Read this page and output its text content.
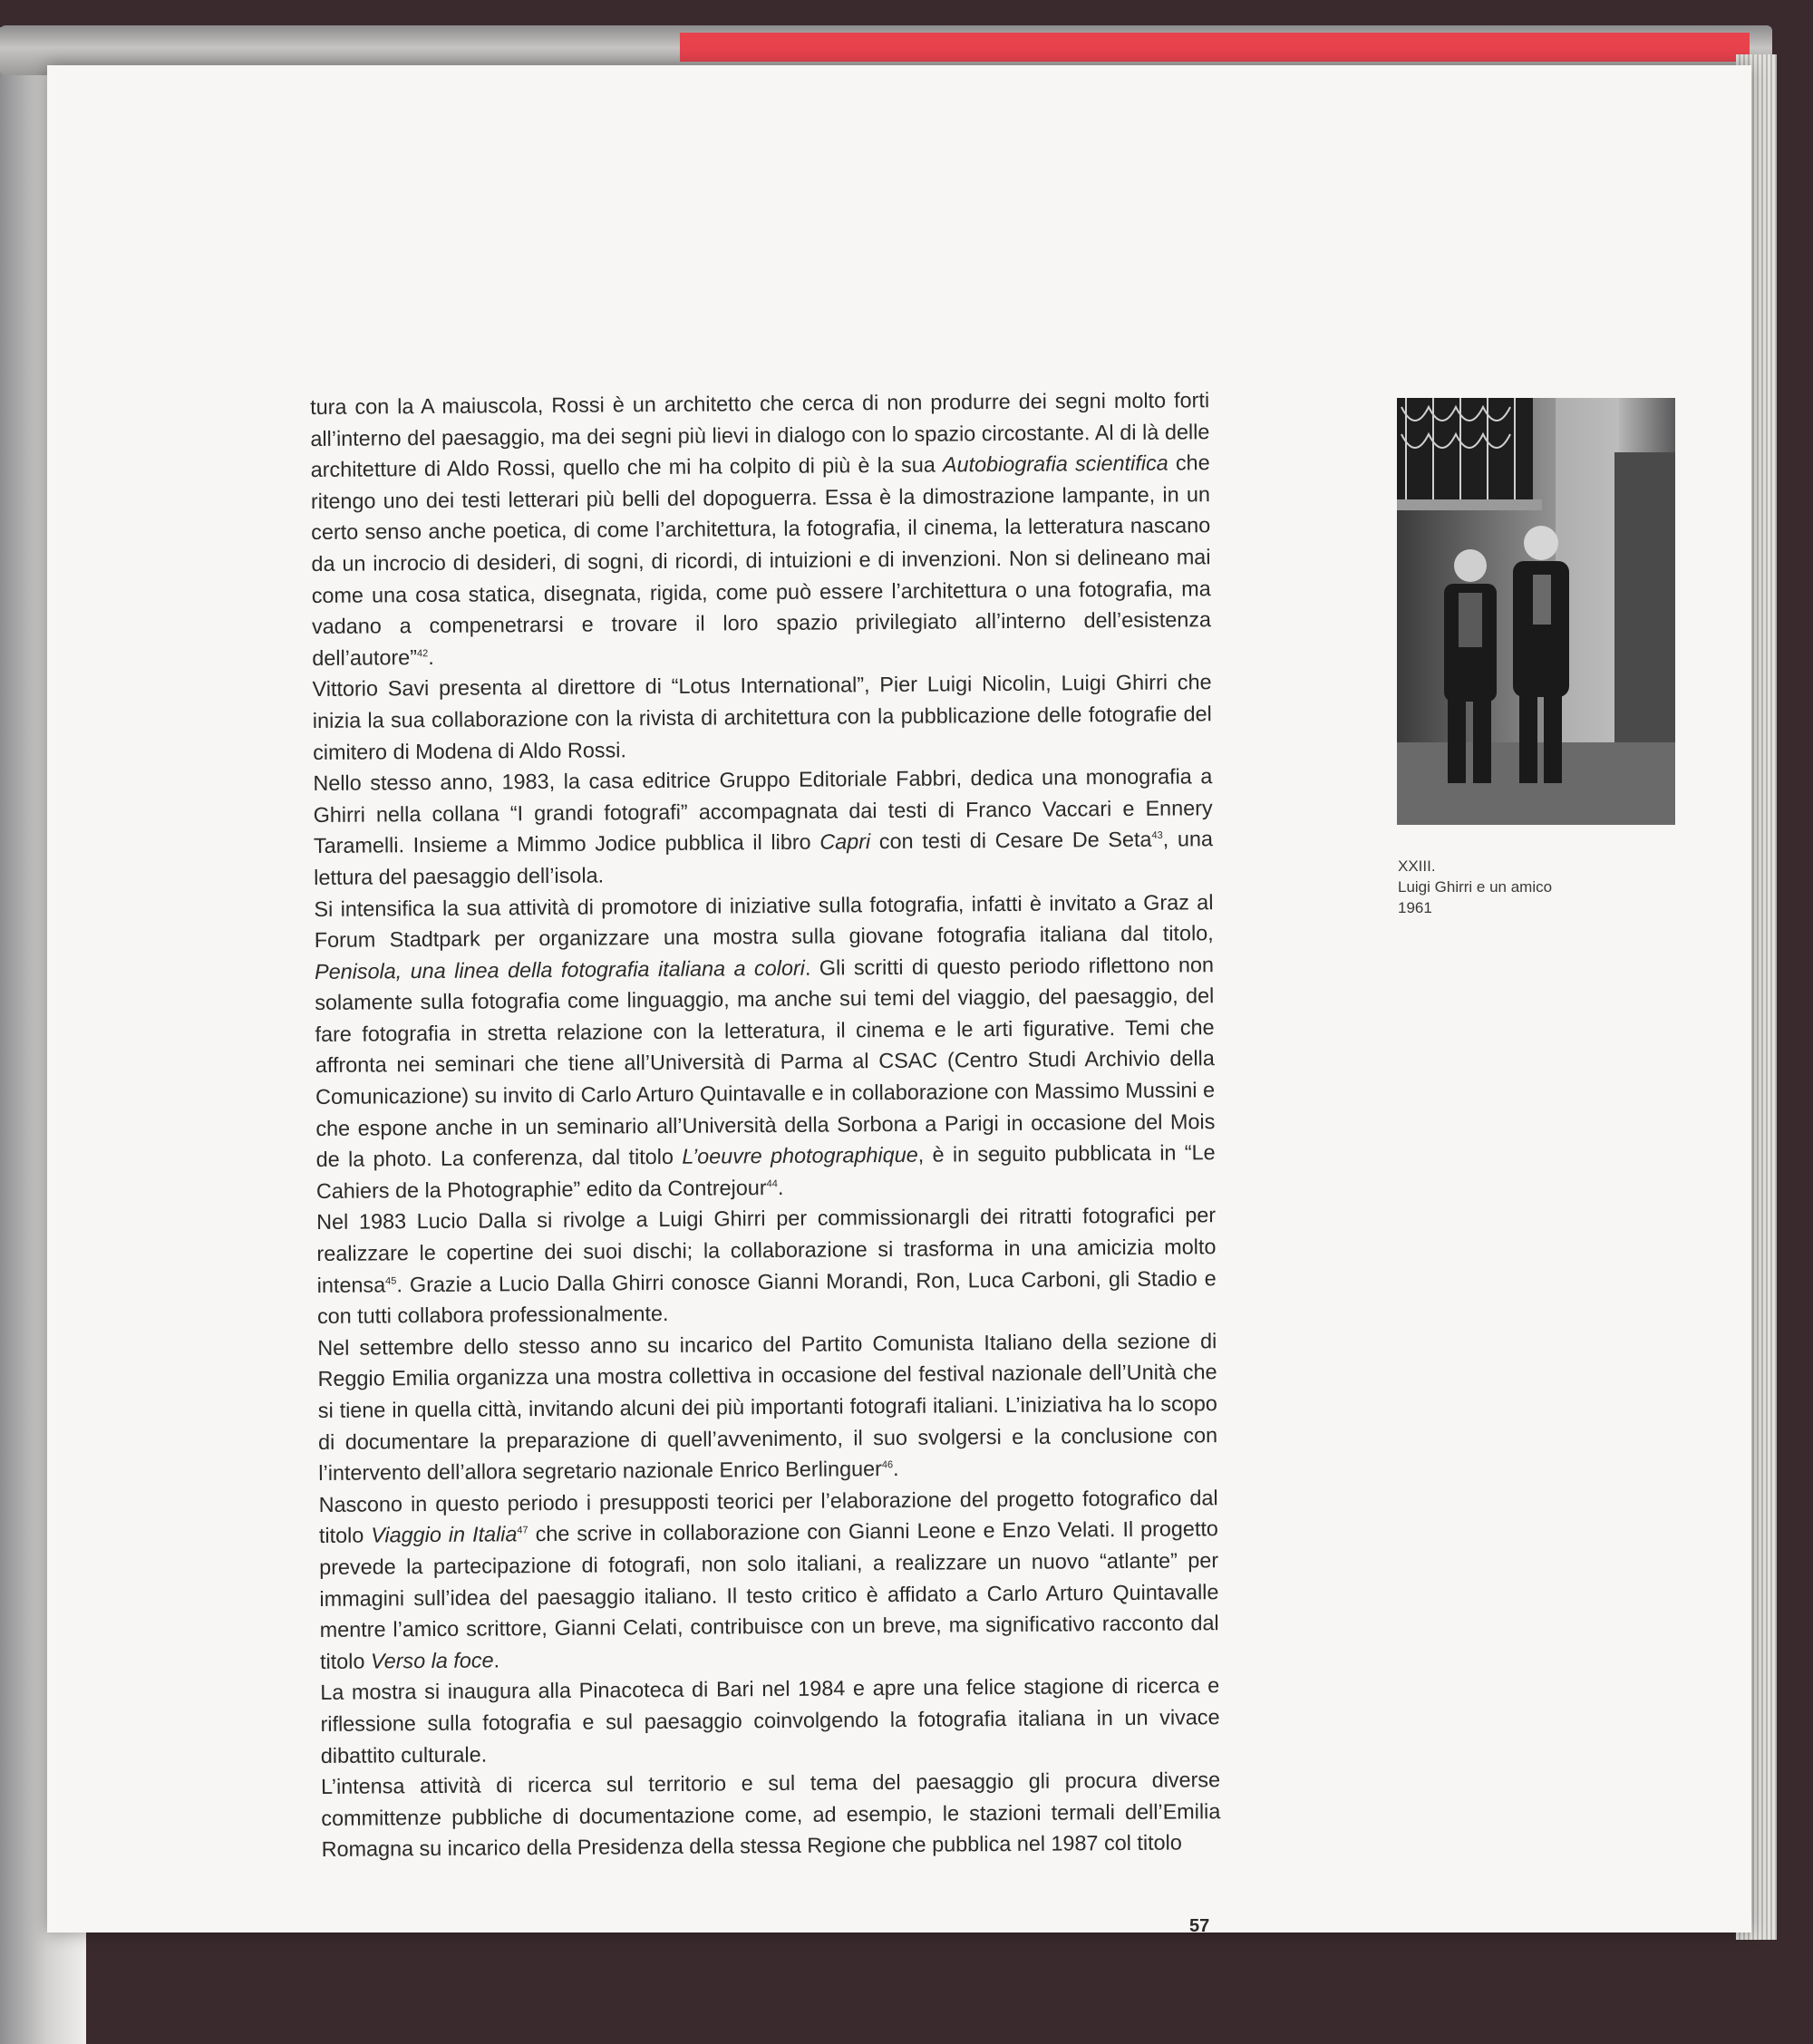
tura con la A maiuscola, Rossi è un architetto che cerca di non produrre dei segni molto forti all’interno del paesaggio, ma dei segni più lievi in dialogo con lo spazio circostante. Al di là delle architetture di Aldo Rossi, quello che mi ha colpito di più è la sua Autobiografia scientifica che ritengo uno dei testi letterari più belli del dopoguerra. Essa è la dimostrazione lampante, in un certo senso anche poetica, di come l’architettura, la fotografia, il cinema, la letteratura nascano da un incrocio di desideri, di sogni, di ricordi, di intuizioni e di invenzioni. Non si delineano mai come una cosa statica, disegnata, rigida, come può essere l’architettura o una fotografia, ma vadano a compenetrarsi e trovare il loro spazio privilegiato all’interno dell’esistenza dell’autore”$^{42}$.

Vittorio Savi presenta al direttore di “Lotus International”, Pier Luigi Nicolin, Luigi Ghirri che inizia la sua collaborazione con la rivista di architettura con la pubblicazione delle fotografie del cimitero di Modena di Aldo Rossi.

Nello stesso anno, 1983, la casa editrice Gruppo Editoriale Fabbri, dedica una monografia a Ghirri nella collana “I grandi fotografi” accompagnata dai testi di Franco Vaccari e Ennery Taramelli. Insieme a Mimmo Jodice pubblica il libro Capri con testi di Cesare De Seta$^{43}$, una lettura del paesaggio dell’isola.

Si intensifica la sua attività di promotore di iniziative sulla fotografia, infatti è invitato a Graz al Forum Stadtpark per organizzare una mostra sulla giovane fotografia italiana dal titolo, Penisola, una linea della fotografia italiana a colori. Gli scritti di questo periodo riflettono non solamente sulla fotografia come linguaggio, ma anche sui temi del viaggio, del paesaggio, del fare fotografia in stretta relazione con la letteratura, il cinema e le arti figurative. Temi che affronta nei seminari che tiene all’Università di Parma al CSAC (Centro Studi Archivio della Comunicazione) su invito di Carlo Arturo Quintavalle e in collaborazione con Massimo Mussini e che espone anche in un seminario all’Università della Sorbona a Parigi in occasione del Mois de la photo. La conferenza, dal titolo L’oeuvre photographique, è in seguito pubblicata in “Le Cahiers de la Photographie” edito da Contrejour$^{44}$.

Nel 1983 Lucio Dalla si rivolge a Luigi Ghirri per commissionargli dei ritratti fotografici per realizzare le copertine dei suoi dischi; la collaborazione si trasforma in una amicizia molto intensa$^{45}$. Grazie a Lucio Dalla Ghirri conosce Gianni Morandi, Ron, Luca Carboni, gli Stadio e con tutti collabora professionalmente.

Nel settembre dello stesso anno su incarico del Partito Comunista Italiano della sezione di Reggio Emilia organizza una mostra collettiva in occasione del festival nazionale dell’Unità che si tiene in quella città, invitando alcuni dei più importanti fotografi italiani. L’iniziativa ha lo scopo di documentare la preparazione di quell’avvenimento, il suo svolgersi e la conclusione con l’intervento dell’allora segretario nazionale Enrico Berlinguer$^{46}$.

Nascono in questo periodo i presupposti teorici per l’elaborazione del progetto fotografico dal titolo Viaggio in Italia$^{47}$ che scrive in collaborazione con Gianni Leone e Enzo Velati. Il progetto prevede la partecipazione di fotografi, non solo italiani, a realizzare un nuovo “atlante” per immagini sull’idea del paesaggio italiano. Il testo critico è affidato a Carlo Arturo Quintavalle mentre l’amico scrittore, Gianni Celati, contribuisce con un breve, ma significativo racconto dal titolo Verso la foce.

La mostra si inaugura alla Pinacoteca di Bari nel 1984 e apre una felice stagione di ricerca e riflessione sulla fotografia e sul paesaggio coinvolgendo la fotografia italiana in un vivace dibattito culturale.

L’intensa attività di ricerca sul territorio e sul tema del paesaggio gli procura diverse committenze pubbliche di documentazione come, ad esempio, le stazioni termali dell’Emilia Romagna su incarico della Presidenza della stessa Regione che pubblica nel 1987 col titolo

XXIII.
Luigi Ghirri e un amico
1961
57
